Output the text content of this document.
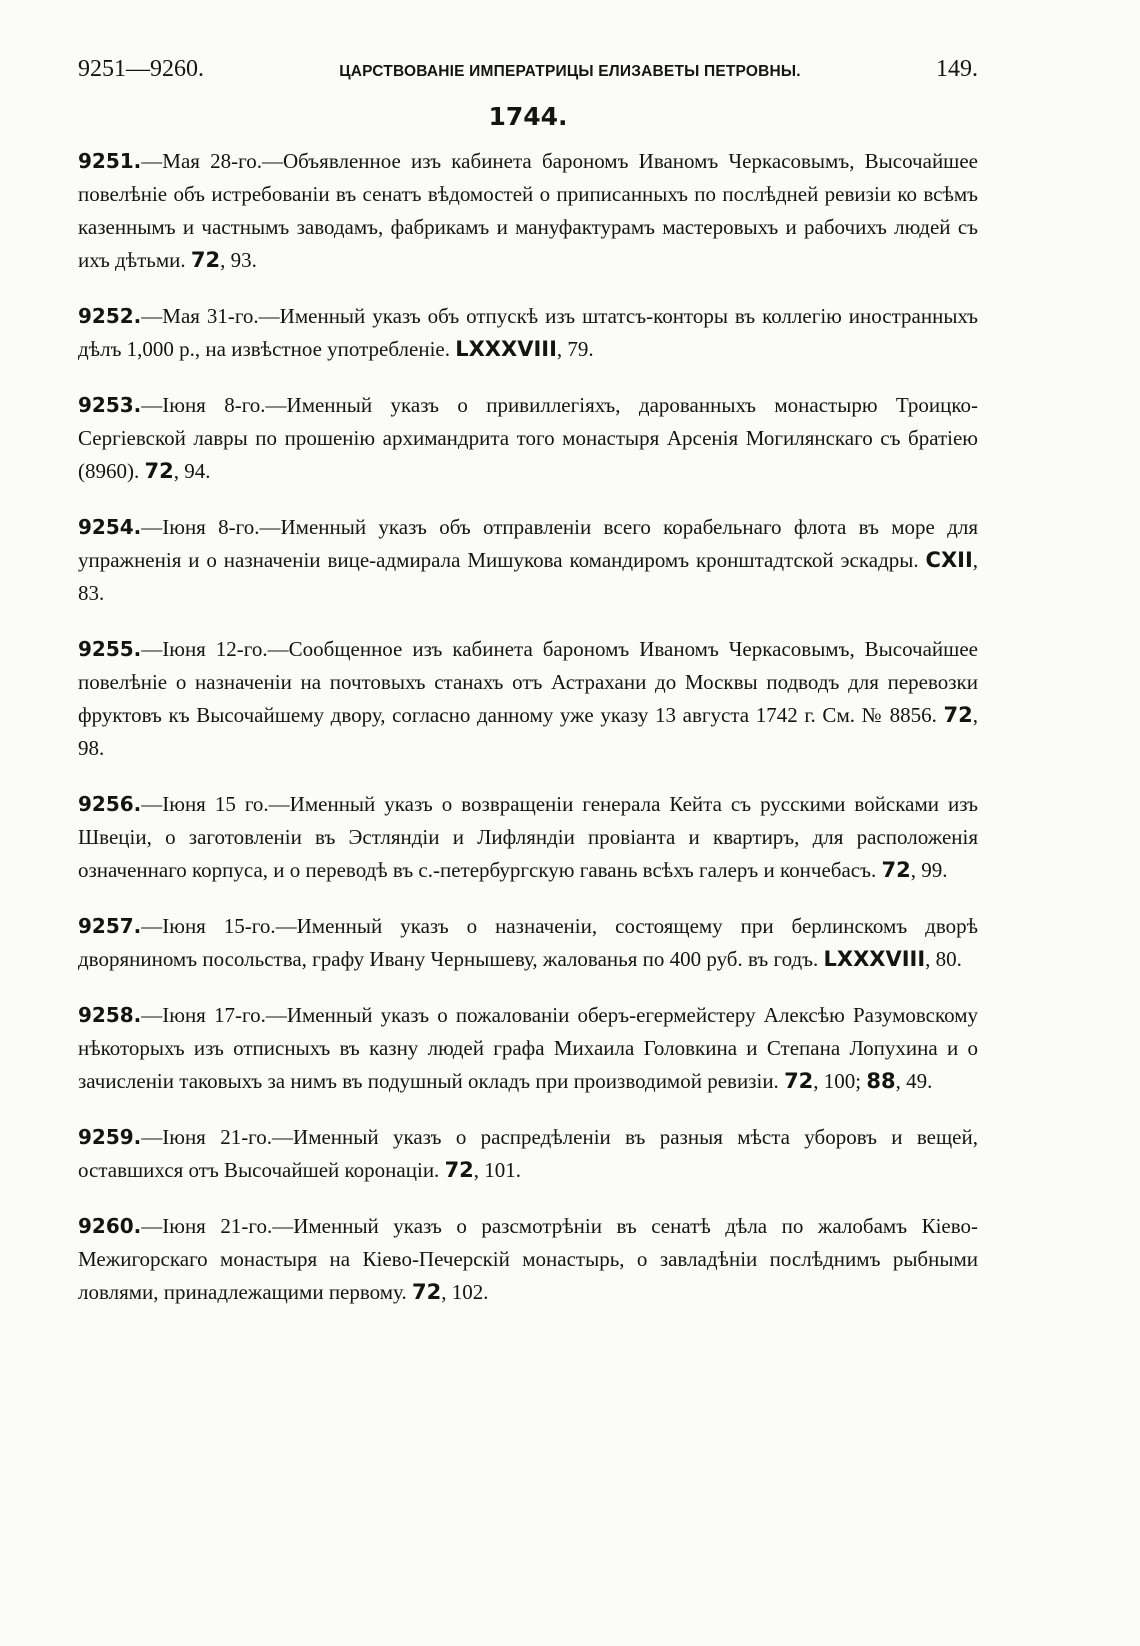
9251—9260.	ЦАРСТВОВАНІЕ ИМПЕРАТРИЦЫ ЕЛИЗАВЕТЫ ПЕТРОВНЫ.	149.
1744.

9251.—Мая 28-го.—Объявленное изъ кабинета барономъ Иваномъ Черкасовымъ, Высочайшее повелѣніе объ истребованіи въ сенатъ вѣдомостей о приписанныхъ по послѣдней ревизіи ко всѣмъ казеннымъ и частнымъ заводамъ, фабрикамъ и мануфактурамъ мастеровыхъ и рабочихъ людей съ ихъ дѣтьми. 72, 93.

9252.—Мая 31-го.—Именный указъ объ отпускѣ изъ штатсъ-конторы въ коллегію иностранныхъ дѣлъ 1,000 р., на извѣстное употребленіе. LXXXVIII, 79.

9253.—Іюня 8-го.—Именный указъ о привиллегіяхъ, дарованныхъ монастырю Троицко-Сергіевской лавры по прошенію архимандрита того монастыря Арсенія Могилянскаго съ братіею (8960). 72, 94.

9254.—Іюня 8-го.—Именный указъ объ отправленіи всего корабельнаго флота въ море для упражненія и о назначеніи вице-адмирала Мишукова командиромъ кронштадтской эскадры. CXII, 83.

9255.—Іюня 12-го.—Сообщенное изъ кабинета барономъ Иваномъ Черкасовымъ, Высочайшее повелѣніе о назначеніи на почтовыхъ станахъ отъ Астрахани до Москвы подводъ для перевозки фруктовъ къ Высочайшему двору, согласно данному уже указу 13 августа 1742 г. См. № 8856. 72, 98.

9256.—Іюня 15 го.—Именный указъ о возвращеніи генерала Кейта съ русскими войсками изъ Швеціи, о заготовленіи въ Эстляндіи и Лифляндіи провіанта и квартиръ, для расположенія означеннаго корпуса, и о переводѣ въ с.-петербургскую гавань всѣхъ галеръ и кончебасъ. 72, 99.

9257.—Іюня 15-го.—Именный указъ о назначеніи, состоящему при берлинскомъ дворѣ дворяниномъ посольства, графу Ивану Чернышеву, жалованья по 400 руб. въ годъ. LXXXVIII, 80.

9258.—Іюня 17-го.—Именный указъ о пожалованіи оберъ-егермейстеру Алексѣю Разумовскому нѣкоторыхъ изъ отписныхъ въ казну людей графа Михаила Головкина и Степана Лопухина и о зачисленіи таковыхъ за нимъ въ подушный окладъ при производимой ревизіи. 72, 100; 88, 49.

9259.—Іюня 21-го.—Именный указъ о распредѣленіи въ разныя мѣста уборовъ и вещей, оставшихся отъ Высочайшей коронаціи. 72, 101.

9260.—Іюня 21-го.—Именный указъ о разсмотрѣніи въ сенатѣ дѣла по жалобамъ Кіево-Межигорскаго монастыря на Кіево-Печерскій монастырь, о завладѣніи послѣднимъ рыбными ловлями, принадлежащими первому. 72, 102.
